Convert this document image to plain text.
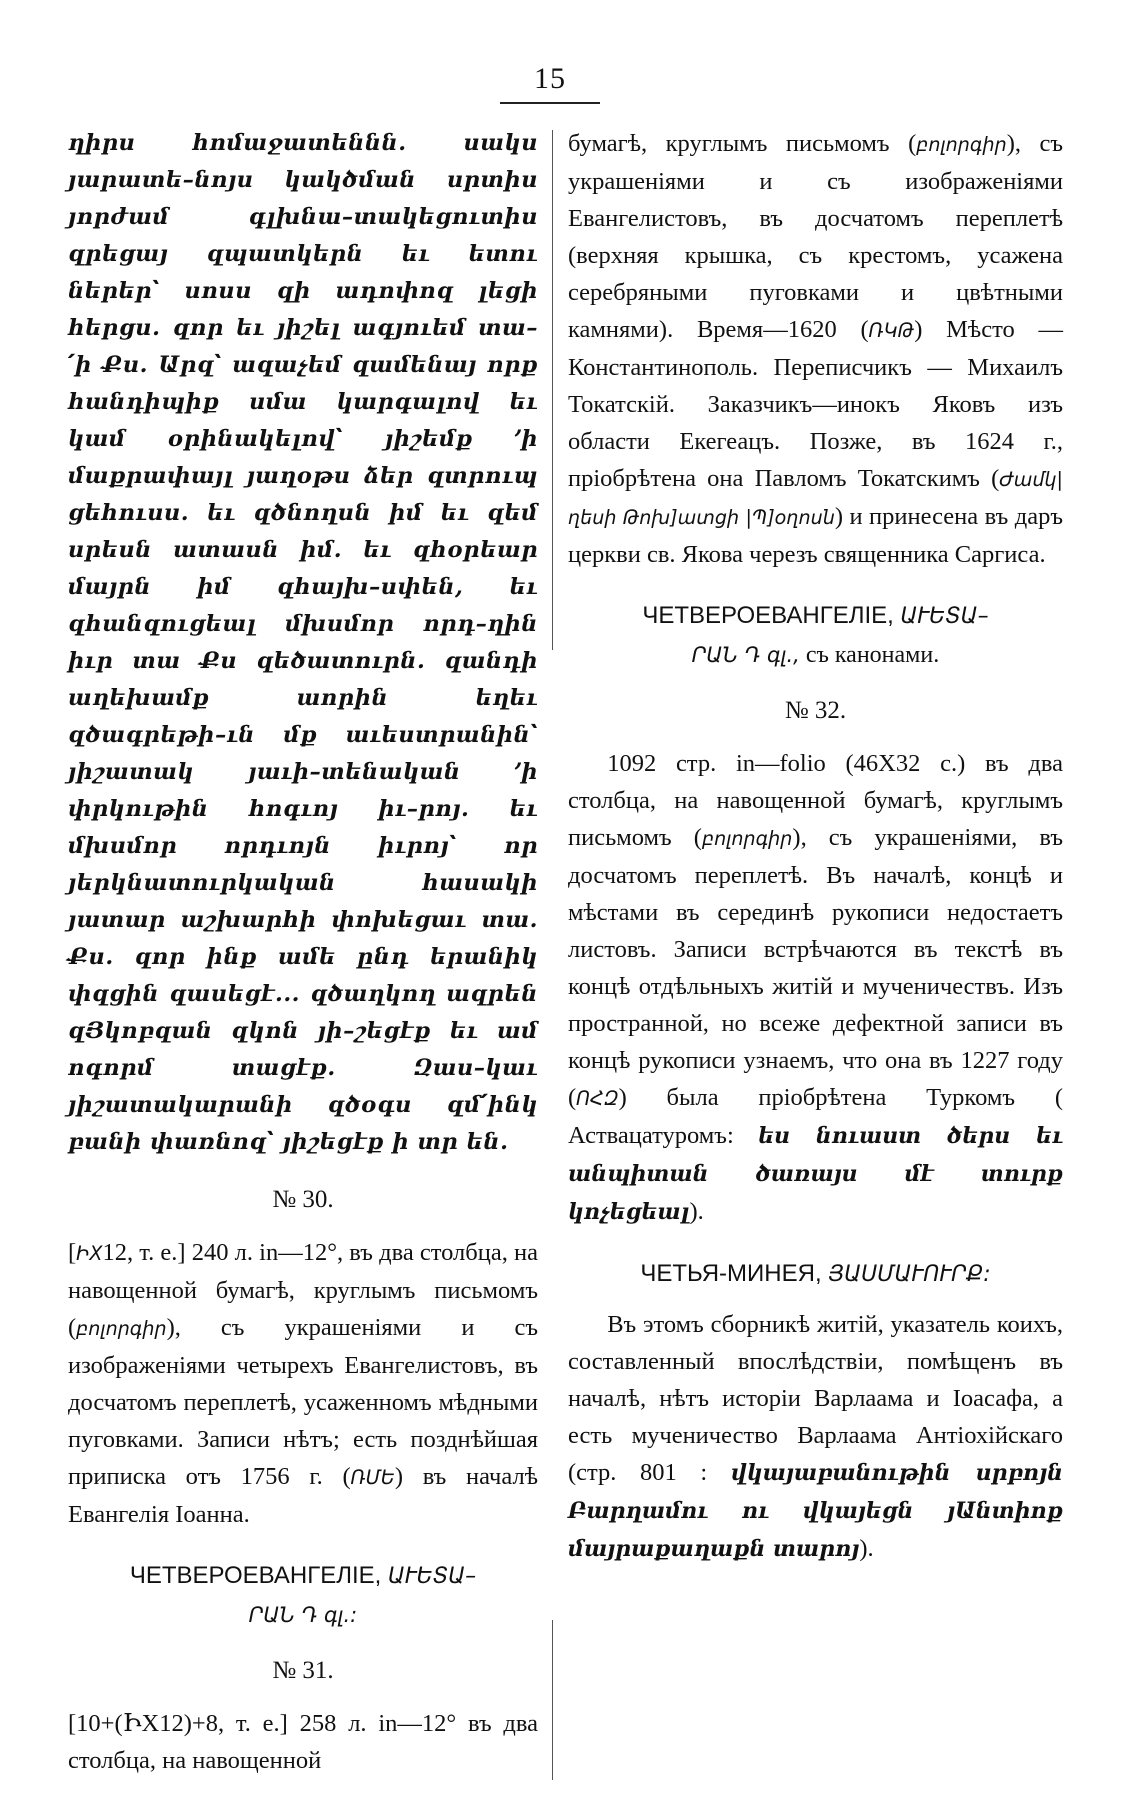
15

ղիրս հոմաջատեննն. սակս յարատե–նոյս կակծման սրտիս յորժամ գլխնա–տակեցուտիս զրեցայ զպատկերն եւ ետու ներեր՝ սոսս զի ադոփոզ լեցի հերցս. զոր եւ յիշել ագյուեմ տա–՛ի Քս. Արզ՝ ազաչեմ զամենայ որք հանդիպիք սմա կարգալով եւ կամ օրինակելով՝ յիշեմք ՚ի մաքրափայլ յաղօթս ձեր զտրուպ ցեհուսս. եւ զծնողսն իմ եւ զեմ սրեսն ատասն իմ. եւ զհօրեար մայրն իմ զհայխ–սփեն, եւ զհանզուցեալ մխսմոր որդ–ղին իւր տա Քս զեծատուրն. զանդի աղեխամք աորին եղեւ զծագրեթի–ւն մք աւեստրանին՝ յիշատակ յաւի–տենական ՚ի փրկութին հոգւոյ իւ–րոյ. եւ մխսմոր որդւոյն իւրոյ՝ որ յերկնատուրկական հասակի յատար աշխարհի փոխեցաւ տա. Քս. զոր ինք ամե ընդ երանիկ փզցին զասեցէ... զծաղկող ազրեն զՅկոբզան զկոն յի–շեցէք եւ ամ ոգորմ տացէք. Զաս–կաւ յիշատակարանի զծօգս զմ՛ինկ բանի փառնոզ՝ յիշեցէք ի տր են.

№ 30.

[ԻX12, т. е.] 240 л. in—12°, въ два столбца, на навощенной бумагѣ, круглымъ письмомъ (բոլորգիր), съ украшеніями и съ изображеніями четырехъ Евангелистовъ, въ досчатомъ переплетѣ, усаженномъ мѣдными пуговками. Записи нѣтъ; есть позднѣйшая приписка отъ 1756 г. (ՌՄԵ) въ началѣ Евангелія Іоанна.

ЧЕТВЕРОЕВАНГЕЛІЕ, ԱՒԵՏԱ–
ՐԱՆ Դ գլ.:
№ 31.

[10+(ԻX12)+8, т. е.] 258 л. in—12° въ два столбца, на навощенной

бумагѣ, круглымъ письмомъ (բոլորգիր), съ украшеніями и съ изображеніями Евангелистовъ, въ досчатомъ переплетѣ (верхняя крышка, съ крестомъ, усажена серебряными пуговками и цвѣтными камнями). Время—1620 (ՌԿԹ) Мѣсто — Константинополь. Переписчикъ — Михаилъ Токатскій. Заказчикъ—инокъ Яковъ изъ области Екегеацъ. Позже, въ 1624 г., пріобрѣтена она Павломъ Токатскимъ (Ժամկ|ղեսի Թոխ]ատցի |Պ]օղոսն) и принесена въ даръ церкви св. Якова черезъ священника Саргиса.

ЧЕТВЕРОЕВАНГЕЛІЕ, ԱՒԵՏԱ–
ՐԱՆ Դ գլ., съ канонами.
№ 32.

1092 стр. in—folio (46X32 с.) въ два столбца, на навощенной бумагѣ, круглымъ письмомъ (բոլորգիր), съ украшеніями, въ досчатомъ переплетѣ. Въ началѣ, концѣ и мѣстами въ серединѣ рукописи недостаетъ листовъ. Записи встрѣчаются въ текстѣ въ концѣ отдѣльныхъ житій и мученичествъ. Изъ пространной, но всеже дефектной записи въ концѣ рукописи узнаемъ, что она въ 1227 году (ՈՀԶ) была пріобрѣтена Туркомъ ( Аствацатуромъ: ես նուաստ ծերս եւ անպիտան ծառայս մէ տուրք կոչեցեալ).

ЧЕТЬЯ-МИНЕЯ, ՅԱՍՄԱՒՈՒՐՔ:

Въ этомъ сборникѣ житій, указатель коихъ, составленный впослѣдствіи, помѣщенъ въ началѣ, нѣтъ исторіи Варлаама и Іоасафа, а есть мученичество Варлаама Антіохійскаго (стр. 801 : վկայաբանութին սրբոյն Բարղամու ու վկայեցն յԱնտիոք մայրաքաղաքն տարոյ).
